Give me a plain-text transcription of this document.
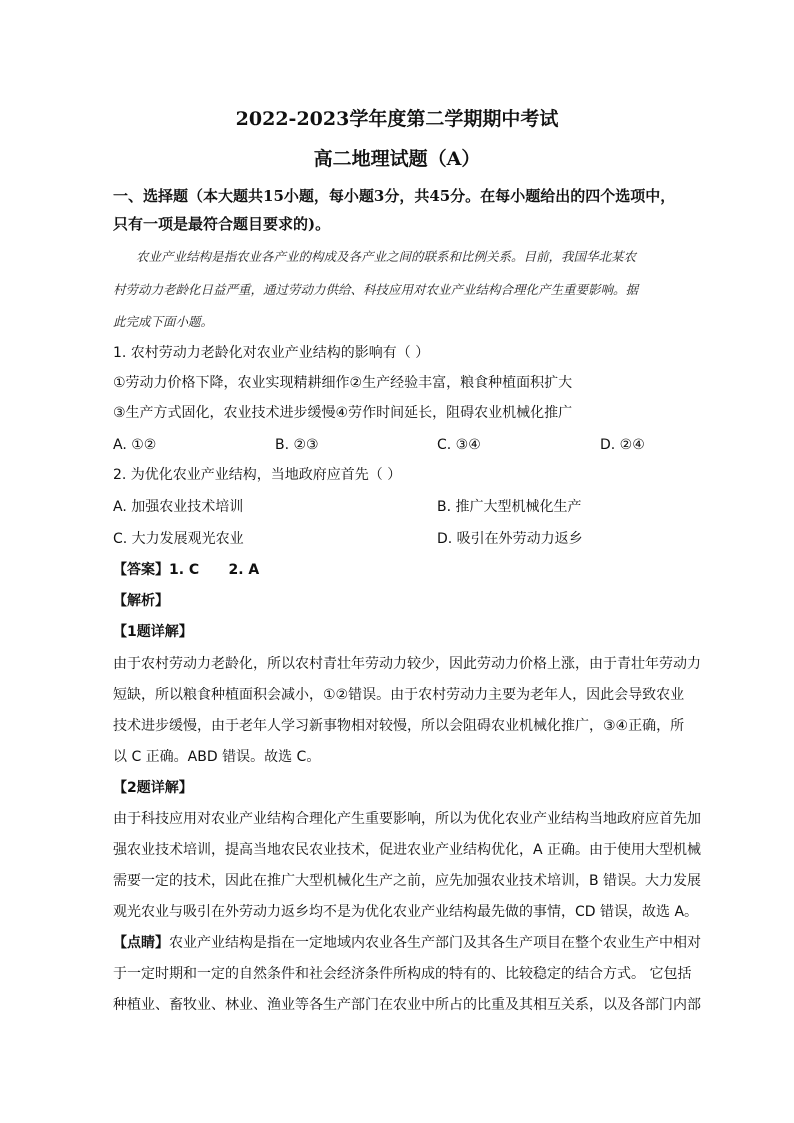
2022-2023学年度第二学期期中考试
高二地理试题（A）
一、选择题（本大题共15小题，每小题3分，共45分。在每小题给出的四个选项中，
只有一项是最符合题目要求的)。
农业产业结构是指农业各产业的构成及各产业之间的联系和比例关系。目前，我国华北某农
村劳动力老龄化日益严重，通过劳动力供给、科技应用对农业产业结构合理化产生重要影响。据
此完成下面小题。
1. 农村劳动力老龄化对农业产业结构的影响有（ ）
①劳动力价格下降，农业实现精耕细作②生产经验丰富，粮食种植面积扩大
③生产方式固化，农业技术进步缓慢④劳作时间延长，阻碍农业机械化推广
A. ①②	B. ②③	C. ③④	D. ②④
2. 为优化农业产业结构，当地政府应首先（ ）
A. 加强农业技术培训	B. 推广大型机械化生产
C. 大力发展观光农业	D. 吸引在外劳动力返乡
【答案】1. C      2. A
【解析】
【1题详解】
由于农村劳动力老龄化，所以农村青壮年劳动力较少，因此劳动力价格上涨，由于青壮年劳动力
短缺，所以粮食种植面积会减小，①②错误。由于农村劳动力主要为老年人，因此会导致农业
技术进步缓慢，由于老年人学习新事物相对较慢，所以会阻碍农业机械化推广，③④正确，所
以 C 正确。ABD 错误。故选 C。
【2题详解】
由于科技应用对农业产业结构合理化产生重要影响，所以为优化农业产业结构当地政府应首先加
强农业技术培训，提高当地农民农业技术，促进农业产业结构优化，A 正确。由于使用大型机械
需要一定的技术，因此在推广大型机械化生产之前，应先加强农业技术培训，B 错误。大力发展
观光农业与吸引在外劳动力返乡均不是为优化农业产业结构最先做的事情，CD 错误，故选 A。
【点睛】农业产业结构是指在一定地域内农业各生产部门及其各生产项目在整个农业生产中相对
于一定时期和一定的自然条件和社会经济条件所构成的特有的、比较稳定的结合方式。 它包括
种植业、畜牧业、林业、渔业等各生产部门在农业中所占的比重及其相互关系，以及各部门内部
